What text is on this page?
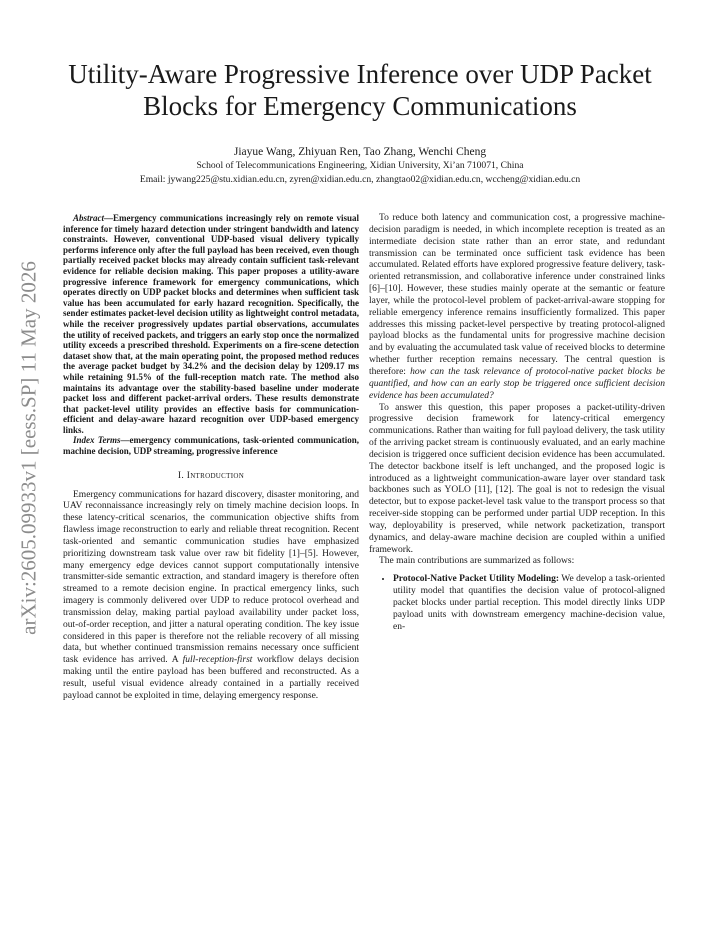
Utility-Aware Progressive Inference over UDP Packet Blocks for Emergency Communications
Jiayue Wang, Zhiyuan Ren, Tao Zhang, Wenchi Cheng
School of Telecommunications Engineering, Xidian University, Xi’an 710071, China
Email: jywang225@stu.xidian.edu.cn, zyren@xidian.edu.cn, zhangtao02@xidian.edu.cn, wccheng@xidian.edu.cn
arXiv:2605.09933v1 [eess.SP] 11 May 2026

Abstract—Emergency communications increasingly rely on remote visual inference for timely hazard detection under stringent bandwidth and latency constraints. However, conventional UDP-based visual delivery typically performs inference only after the full payload has been received, even though partially received packet blocks may already contain sufficient task-relevant evidence for reliable decision making. This paper proposes a utility-aware progressive inference framework for emergency communications, which operates directly on UDP packet blocks and determines when sufficient task value has been accumulated for early hazard recognition. Specifically, the sender estimates packet-level decision utility as lightweight control metadata, while the receiver progressively updates partial observations, accumulates the utility of received packets, and triggers an early stop once the normalized utility exceeds a prescribed threshold. Experiments on a fire-scene detection dataset show that, at the main operating point, the proposed method reduces the average packet budget by 34.2% and the decision delay by 1209.17 ms while retaining 91.5% of the full-reception match rate. The method also maintains its advantage over the stability-based baseline under moderate packet loss and different packet-arrival orders. These results demonstrate that packet-level utility provides an effective basis for communication-efficient and delay-aware hazard recognition over UDP-based emergency links.

Index Terms—emergency communications, task-oriented communication, machine decision, UDP streaming, progressive inference

I. Introduction

Emergency communications for hazard discovery, disaster monitoring, and UAV reconnaissance increasingly rely on timely machine decision loops. In these latency-critical scenarios, the communication objective shifts from flawless image reconstruction to early and reliable threat recognition. Recent task-oriented and semantic communication studies have emphasized prioritizing downstream task value over raw bit fidelity [1]–[5]. However, many emergency edge devices cannot support computationally intensive transmitter-side semantic extraction, and standard imagery is therefore often streamed to a remote decision engine. In practical emergency links, such imagery is commonly delivered over UDP to reduce protocol overhead and transmission delay, making partial payload availability under packet loss, out-of-order reception, and jitter a natural operating condition. The key issue considered in this paper is therefore not the reliable recovery of all missing data, but whether continued transmission remains necessary once sufficient task evidence has arrived. A full-reception-first workflow delays decision making until the entire payload has been buffered and reconstructed. As a result, useful visual evidence already contained in a partially received payload cannot be exploited in time, delaying emergency response.

To reduce both latency and communication cost, a progressive machine-decision paradigm is needed, in which incomplete reception is treated as an intermediate decision state rather than an error state, and redundant transmission can be terminated once sufficient task evidence has been accumulated. Related efforts have explored progressive feature delivery, task-oriented retransmission, and collaborative inference under constrained links [6]–[10]. However, these studies mainly operate at the semantic or feature layer, while the protocol-level problem of packet-arrival-aware stopping for reliable emergency inference remains insufficiently formalized. This paper addresses this missing packet-level perspective by treating protocol-aligned payload blocks as the fundamental units for progressive machine decision and by evaluating the accumulated task value of received blocks to determine whether further reception remains necessary. The central question is therefore: how can the task relevance of protocol-native packet blocks be quantified, and how can an early stop be triggered once sufficient decision evidence has been accumulated?

To answer this question, this paper proposes a packet-utility-driven progressive decision framework for latency-critical emergency communications. Rather than waiting for full payload delivery, the task utility of the arriving packet stream is continuously evaluated, and an early machine decision is triggered once sufficient decision evidence has been accumulated. The detector backbone itself is left unchanged, and the proposed logic is introduced as a lightweight communication-aware layer over standard task backbones such as YOLO [11], [12]. The goal is not to redesign the visual detector, but to expose packet-level task value to the transport process so that receiver-side stopping can be performed under partial UDP reception. In this way, deployability is preserved, while network packetization, transport dynamics, and delay-aware machine decision are coupled within a unified framework.

The main contributions are summarized as follows:

• Protocol-Native Packet Utility Modeling: We develop a task-oriented utility model that quantifies the decision value of protocol-aligned packet blocks under partial reception. This model directly links UDP payload units with downstream emergency machine-decision value, en-
